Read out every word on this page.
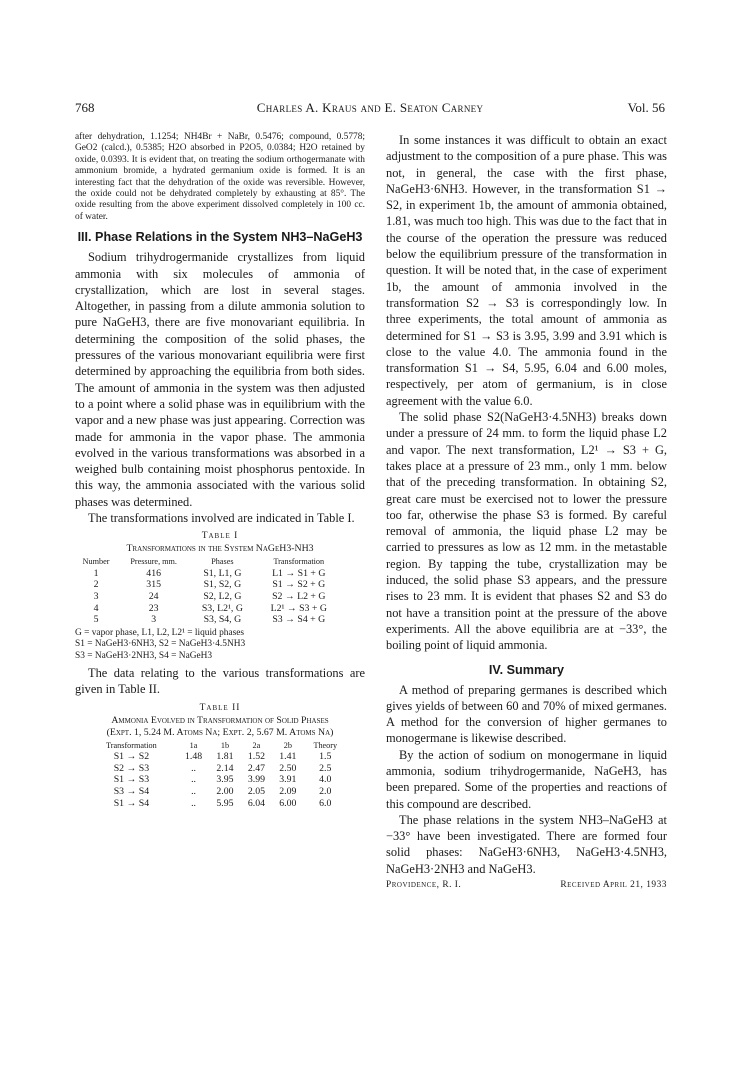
768	Charles A. Kraus and E. Seaton Carney	Vol. 56

after dehydration, 1.1254; NH4Br + NaBr, 0.5476; compound, 0.5778; GeO2 (calcd.), 0.5385; H2O absorbed in P2O5, 0.0384; H2O retained by oxide, 0.0393. It is evident that, on treating the sodium orthogermanate with ammonium bromide, a hydrated germanium oxide is formed. It is an interesting fact that the dehydration of the oxide was reversible. However, the oxide could not be dehydrated completely by exhausting at 85°. The oxide resulting from the above experiment dissolved completely in 100 cc. of water.

III. Phase Relations in the System NH3–NaGeH3

Sodium trihydrogermanide crystallizes from liquid ammonia with six molecules of ammonia of crystallization, which are lost in several stages. Altogether, in passing from a dilute ammonia solution to pure NaGeH3, there are five monovariant equilibria. In determining the composition of the solid phases, the pressures of the various monovariant equilibria were first determined by approaching the equilibria from both sides. The amount of ammonia in the system was then adjusted to a point where a solid phase was in equilibrium with the vapor and a new phase was just appearing. Correction was made for ammonia in the vapor phase. The ammonia evolved in the various transformations was absorbed in a weighed bulb containing moist phosphorus pentoxide. In this way, the ammonia associated with the various solid phases was determined.

The transformations involved are indicated in Table I.

Table I
Transformations in the System NaGeH3-NH3
Number	Pressure, mm.	Phases	Transformation
1	416	S1, L1, G	L1 → S1 + G
2	315	S1, S2, G	S1 → S2 + G
3	24	S2, L2, G	S2 → L2 + G
4	23	S3, L2¹, G	L2¹ → S3 + G
5	3	S3, S4, G	S3 → S4 + G
G = vapor phase, L1, L2, L2¹ = liquid phases
S1 = NaGeH3·6NH3, S2 = NaGeH3·4.5NH3
S3 = NaGeH3·2NH3, S4 = NaGeH3

The data relating to the various transformations are given in Table II.

Table II
Ammonia Evolved in Transformation of Solid Phases
(Expt. 1, 5.24 M. Atoms Na; Expt. 2, 5.67 M. Atoms Na)
Transformation	1a	1b	2a	2b	Theory
S1 → S2	1.48	1.81	1.52	1.41	1.5
S2 → S3	..	2.14	2.47	2.50	2.5
S1 → S3	..	3.95	3.99	3.91	4.0
S3 → S4	..	2.00	2.05	2.09	2.0
S1 → S4	..	5.95	6.04	6.00	6.0

In some instances it was difficult to obtain an exact adjustment to the composition of a pure phase. This was not, in general, the case with the first phase, NaGeH3·6NH3. However, in the transformation S1 → S2, in experiment 1b, the amount of ammonia obtained, 1.81, was much too high. This was due to the fact that in the course of the operation the pressure was reduced below the equilibrium pressure of the transformation in question. It will be noted that, in the case of experiment 1b, the amount of ammonia involved in the transformation S2 → S3 is correspondingly low. In three experiments, the total amount of ammonia as determined for S1 → S3 is 3.95, 3.99 and 3.91 which is close to the value 4.0. The ammonia found in the transformation S1 → S4, 5.95, 6.04 and 6.00 moles, respectively, per atom of germanium, is in close agreement with the value 6.0.

The solid phase S2(NaGeH3·4.5NH3) breaks down under a pressure of 24 mm. to form the liquid phase L2 and vapor. The next transformation, L2¹ → S3 + G, takes place at a pressure of 23 mm., only 1 mm. below that of the preceding transformation. In obtaining S2, great care must be exercised not to lower the pressure too far, otherwise the phase S3 is formed. By careful removal of ammonia, the liquid phase L2 may be carried to pressures as low as 12 mm. in the metastable region. By tapping the tube, crystallization may be induced, the solid phase S3 appears, and the pressure rises to 23 mm. It is evident that phases S2 and S3 do not have a transition point at the pressure of the above experiments. All the above equilibria are at −33°, the boiling point of liquid ammonia.

IV. Summary

A method of preparing germanes is described which gives yields of between 60 and 70% of mixed germanes. A method for the conversion of higher germanes to monogermane is likewise described.

By the action of sodium on monogermane in liquid ammonia, sodium trihydrogermanide, NaGeH3, has been prepared. Some of the properties and reactions of this compound are described.

The phase relations in the system NH3–NaGeH3 at −33° have been investigated. There are formed four solid phases: NaGeH3·6NH3, NaGeH3·4.5NH3, NaGeH3·2NH3 and NaGeH3.

Providence, R. I.	Received April 21, 1933
